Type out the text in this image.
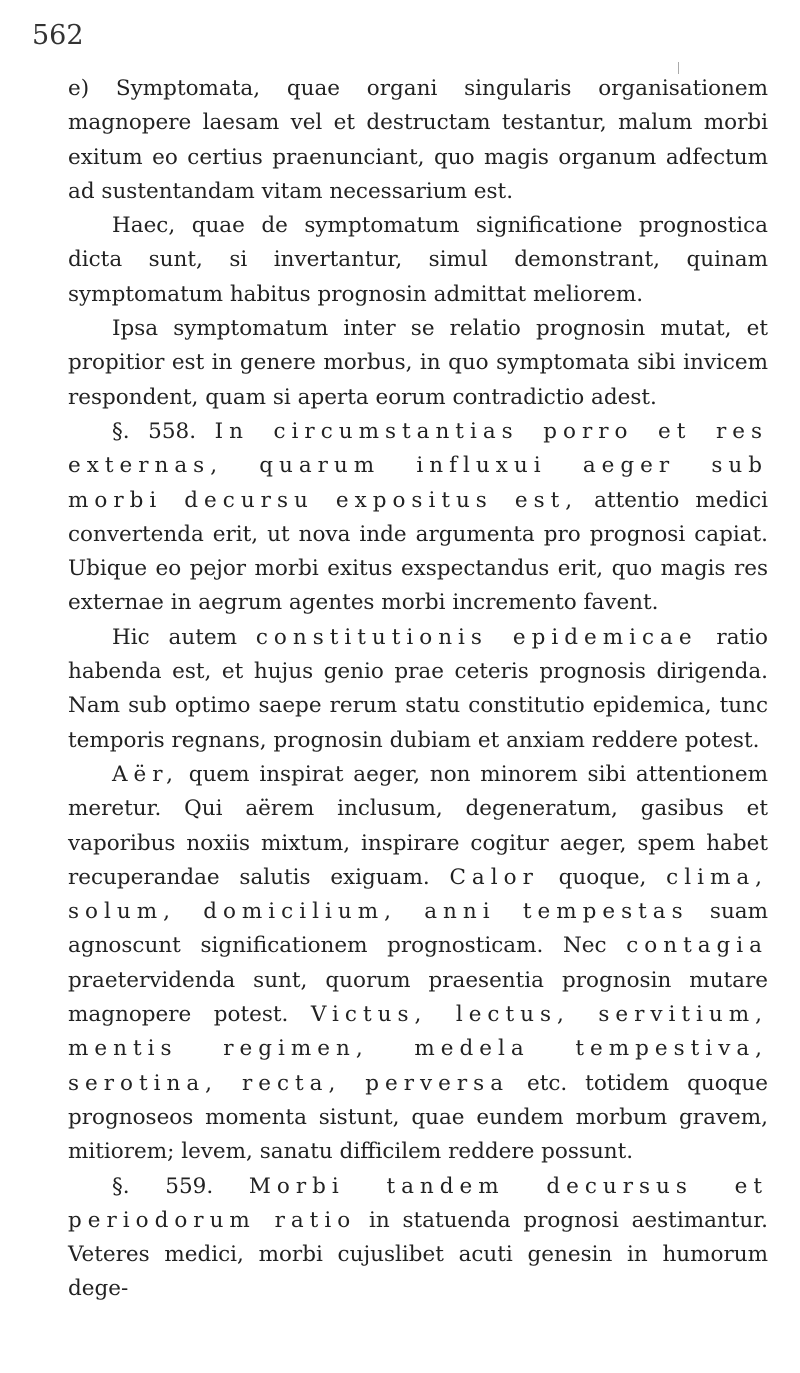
562

e) Symptomata, quae organi singularis organisationem magnopere laesam vel et destructam testantur, malum morbi exitum eo certius praenunciant, quo magis organum adfectum ad sustentandam vitam necessarium est.

Haec, quae de symptomatum significatione prognostica dicta sunt, si invertantur, simul demonstrant, quinam symptomatum habitus prognosin admittat meliorem.

Ipsa symptomatum inter se relatio prognosin mutat, et propitior est in genere morbus, in quo symptomata sibi invicem respondent, quam si aperta eorum contradictio adest.

§. 558. In circumstantias porro et res externas, quarum influxui aeger sub morbi decursu expositus est, attentio medici convertenda erit, ut nova inde argumenta pro prognosi capiat. Ubique eo pejor morbi exitus exspectandus erit, quo magis res externae in aegrum agentes morbi incremento favent.

Hic autem constitutionis epidemicae ratio habenda est, et hujus genio prae ceteris prognosis dirigenda. Nam sub optimo saepe rerum statu constitutio epidemica, tunc temporis regnans, prognosin dubiam et anxiam reddere potest.

Aër, quem inspirat aeger, non minorem sibi attentionem meretur. Qui aërem inclusum, degeneratum, gasibus et vaporibus noxiis mixtum, inspirare cogitur aeger, spem habet recuperandae salutis exiguam. Calor quoque, clima, solum, domicilium, anni tempestas suam agnoscunt significationem prognosticam. Nec contagia praetervidenda sunt, quorum praesentia prognosin mutare magnopere potest. Victus, lectus, servitium, mentis regimen, medela tempestiva, serotina, recta, perversa etc. totidem quoque prognoseos momenta sistunt, quae eundem morbum gravem, mitiorem; levem, sanatu difficilem reddere possunt.

§. 559. Morbi tandem decursus et periodorum ratio in statuenda prognosi aestimantur. Veteres medici, morbi cujuslibet acuti genesin in humorum dege-
